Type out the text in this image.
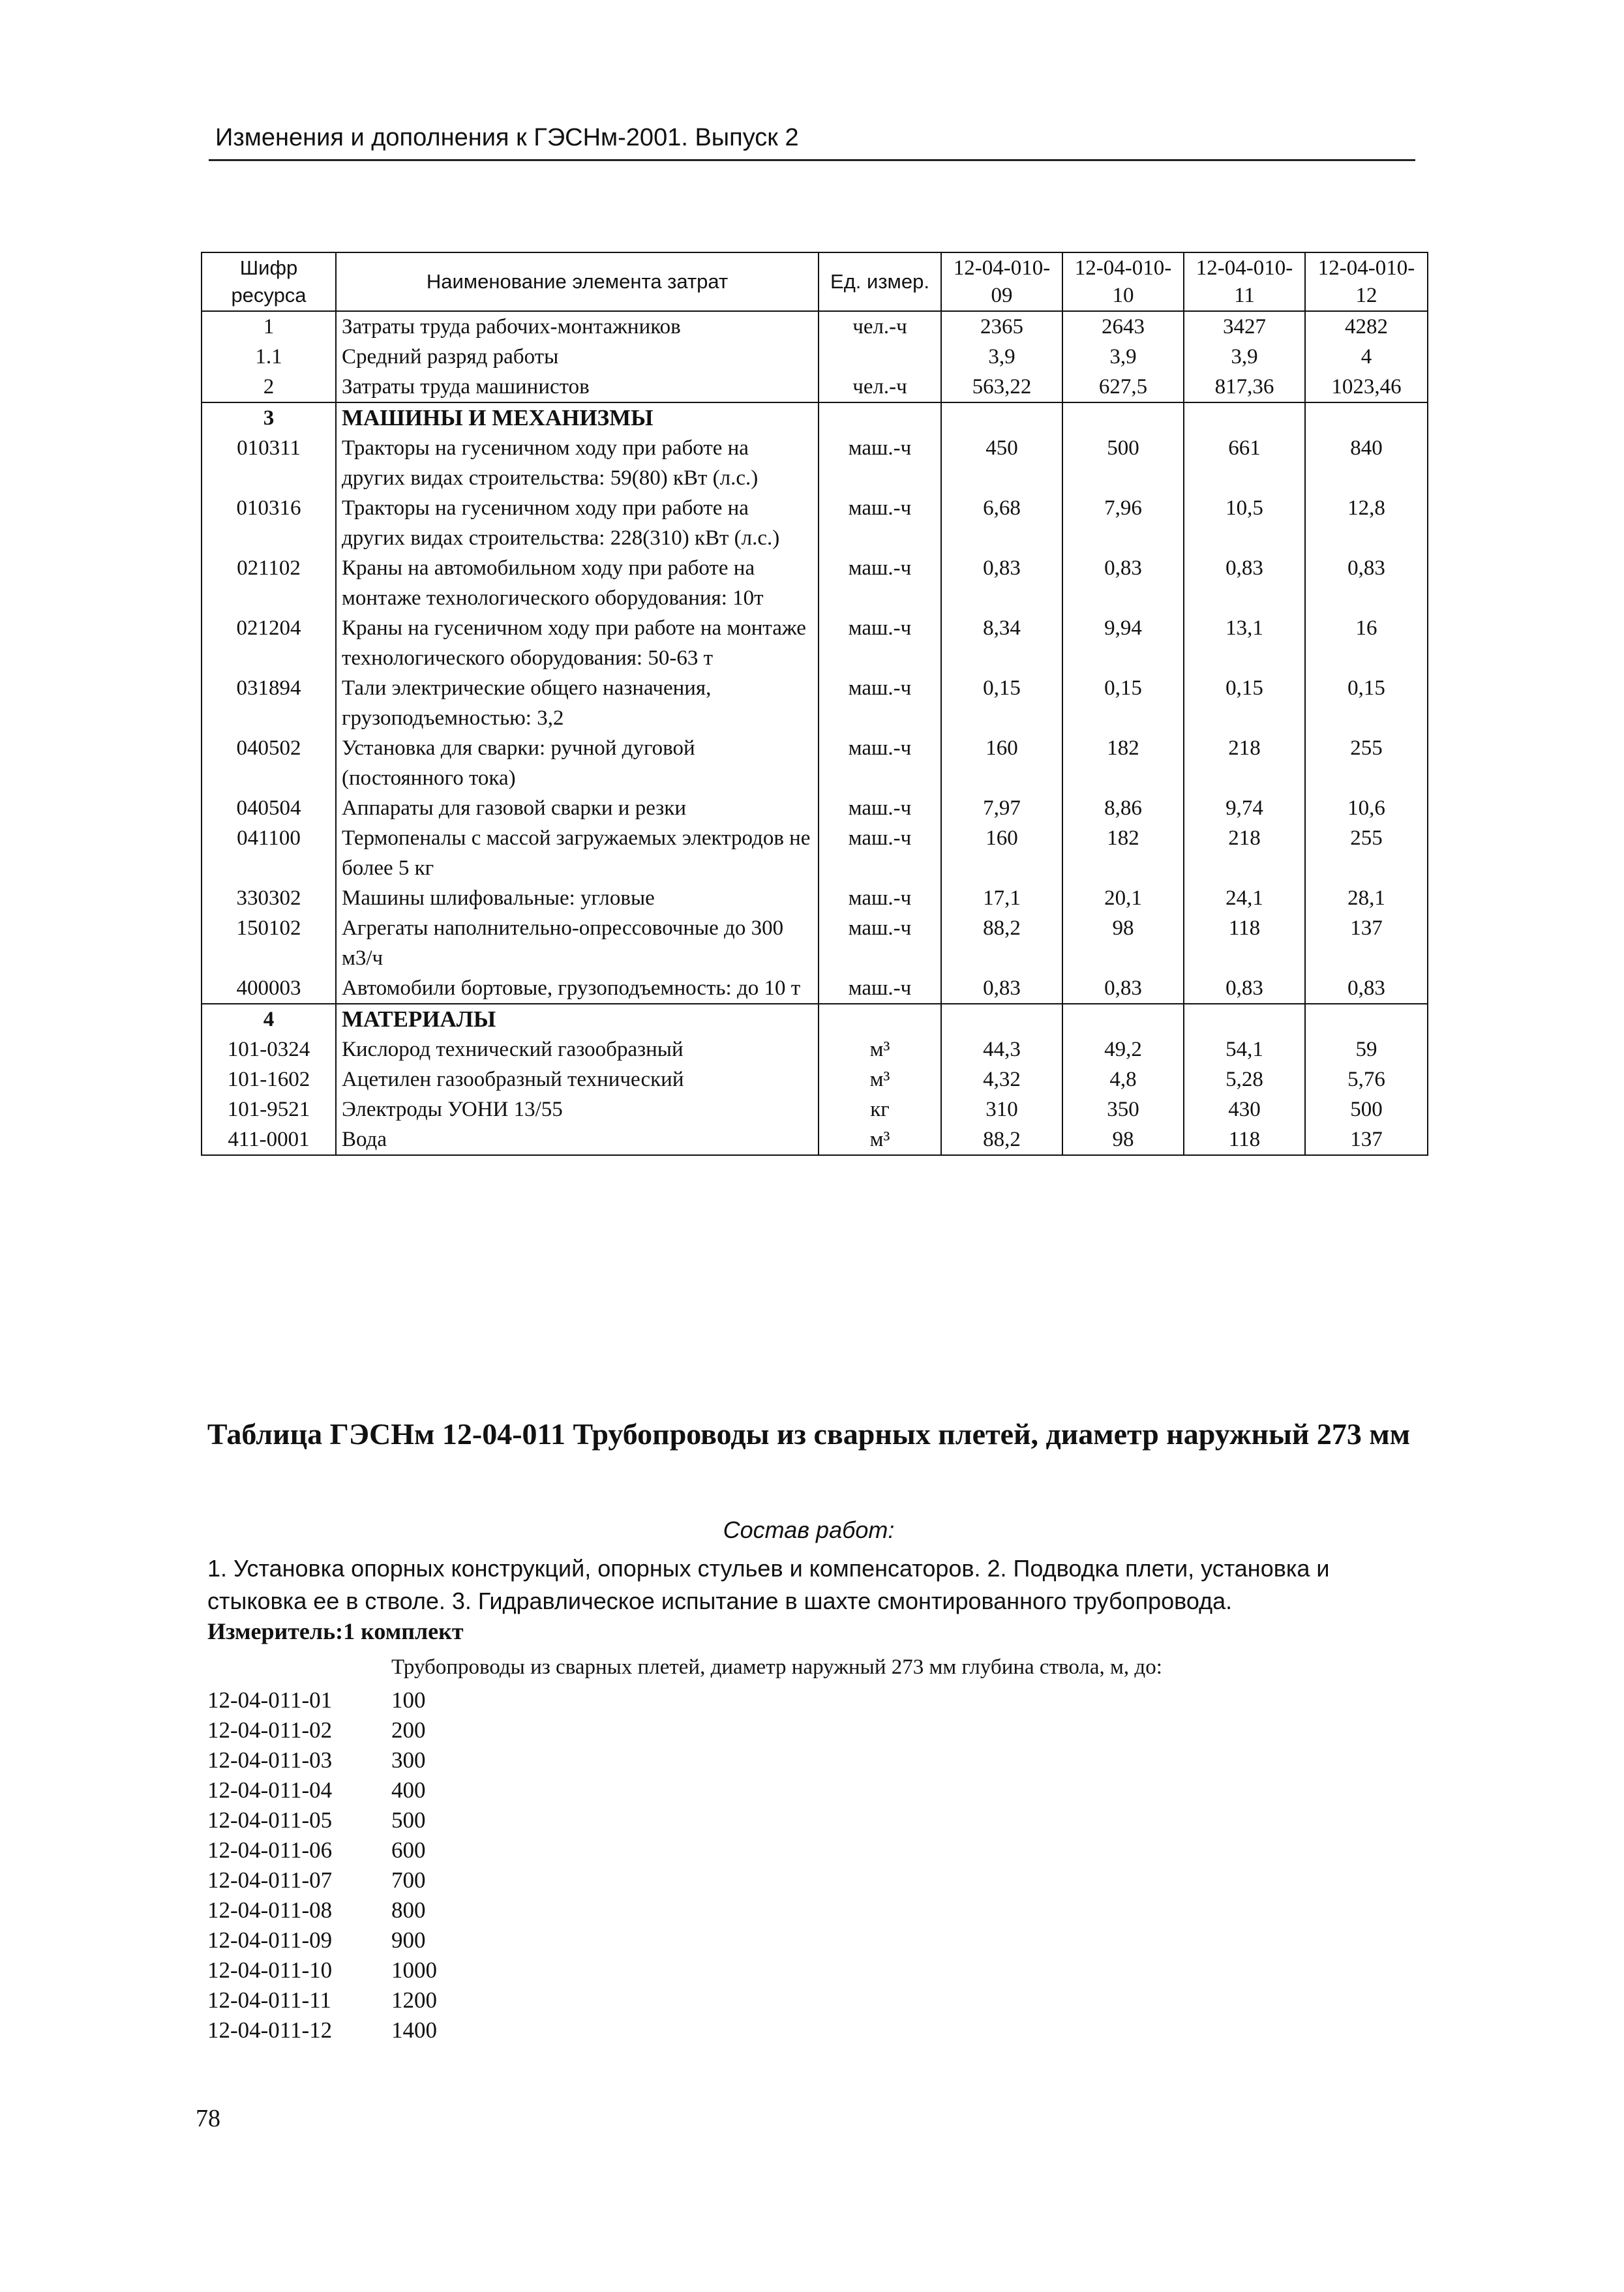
Изменения и дополнения к ГЭСНм-2001. Выпуск 2
Шифр ресурса	Наименование элемента затрат	Ед. измер.	12-04-010-09	12-04-010-10	12-04-010-11	12-04-010-12
1	Затраты труда рабочих-монтажников	чел.-ч	2365	2643	3427	4282
1.1	Средний разряд работы		3,9	3,9	3,9	4
2	Затраты труда машинистов	чел.-ч	563,22	627,5	817,36	1023,46
3	МАШИНЫ И МЕХАНИЗМЫ					
010311	Тракторы на гусеничном ходу при работе на других видах строительства: 59(80) кВт (л.с.)	маш.-ч	450	500	661	840
010316	Тракторы на гусеничном ходу при работе на других видах строительства: 228(310) кВт (л.с.)	маш.-ч	6,68	7,96	10,5	12,8
021102	Краны на автомобильном ходу при работе на монтаже технологического оборудования: 10т	маш.-ч	0,83	0,83	0,83	0,83
021204	Краны на гусеничном ходу при работе на монтаже технологического оборудования: 50-63 т	маш.-ч	8,34	9,94	13,1	16
031894	Тали электрические общего назначения, грузоподъемностью: 3,2	маш.-ч	0,15	0,15	0,15	0,15
040502	Установка для сварки: ручной дуговой (постоянного тока)	маш.-ч	160	182	218	255
040504	Аппараты для газовой сварки и резки	маш.-ч	7,97	8,86	9,74	10,6
041100	Термопеналы с массой загружаемых электродов не более 5 кг	маш.-ч	160	182	218	255
330302	Машины шлифовальные: угловые	маш.-ч	17,1	20,1	24,1	28,1
150102	Агрегаты наполнительно-опрессовочные до 300 м3/ч	маш.-ч	88,2	98	118	137
400003	Автомобили бортовые, грузоподъемность: до 10 т	маш.-ч	0,83	0,83	0,83	0,83
4	МАТЕРИАЛЫ					
101-0324	Кислород технический газообразный	м³	44,3	49,2	54,1	59
101-1602	Ацетилен газообразный технический	м³	4,32	4,8	5,28	5,76
101-9521	Электроды УОНИ 13/55	кг	310	350	430	500
411-0001	Вода	м³	88,2	98	118	137
Таблица ГЭСНм 12-04-011 Трубопроводы из сварных плетей, диаметр наружный 273 мм
Состав работ:
1. Установка опорных конструкций, опорных стульев и компенсаторов. 2. Подводка плети, установка и стыковка ее в стволе. 3. Гидравлическое испытание в шахте смонтированного трубопровода.
Измеритель:1 комплект
Трубопроводы из сварных плетей, диаметр наружный 273 мм глубина ствола, м, до:
12-04-011-01	100
12-04-011-02	200
12-04-011-03	300
12-04-011-04	400
12-04-011-05	500
12-04-011-06	600
12-04-011-07	700
12-04-011-08	800
12-04-011-09	900
12-04-011-10	1000
12-04-011-11	1200
12-04-011-12	1400
78
